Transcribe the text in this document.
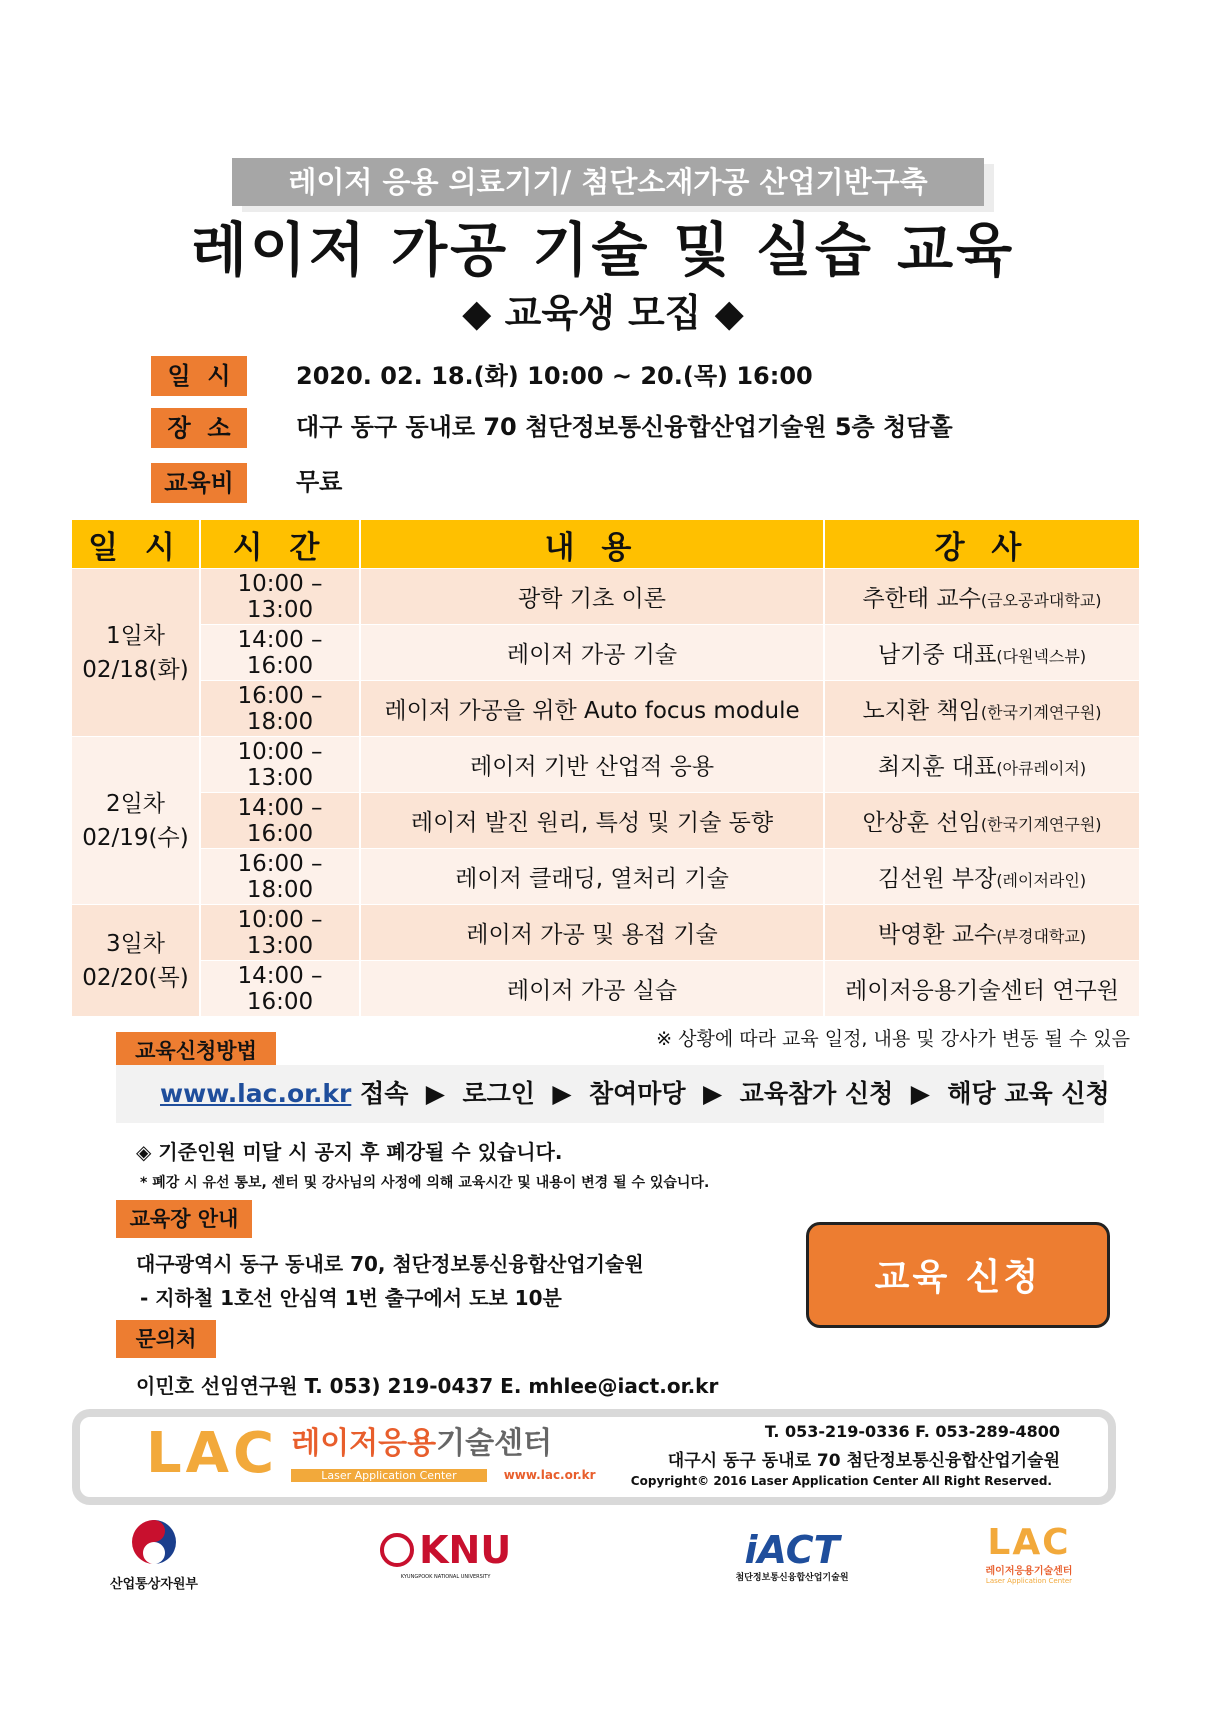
레이저 응용 의료기기/ 첨단소재가공 산업기반구축
레이저 가공 기술 및 실습 교육
◆ 교육생 모집 ◆
일  시	2020. 02. 18.(화) 10:00 ~ 20.(목) 16:00
장  소	대구 동구 동내로 70 첨단정보통신융합산업기술원 5층 청담홀
교육비	무료
일 시	시 간	내 용	강 사
1일차
02/18(화)	10:00 – 13:00	광학 기초 이론	추한태 교수(금오공과대학교)
	14:00 – 16:00	레이저 가공 기술	남기중 대표(다원넥스뷰)
	16:00 – 18:00	레이저 가공을 위한 Auto focus module	노지환 책임(한국기계연구원)
2일차
02/19(수)	10:00 – 13:00	레이저 기반 산업적 응용	최지훈 대표(아큐레이저)
	14:00 – 16:00	레이저 발진 원리, 특성 및 기술 동향	안상훈 선임(한국기계연구원)
	16:00 – 18:00	레이저 클래딩, 열처리 기술	김선원 부장(레이저라인)
3일차
02/20(목)	10:00 – 13:00	레이저 가공 및 용접 기술	박영환 교수(부경대학교)
	14:00 – 16:00	레이저 가공 실습	레이저응용기술센터 연구원
※ 상황에 따라 교육 일정, 내용 및 강사가 변동 될 수 있음
교육신청방법
www.lac.or.kr 접속 ▶ 로그인 ▶ 참여마당 ▶ 교육참가 신청 ▶ 해당 교육 신청
◈ 기준인원 미달 시 공지 후 폐강될 수 있습니다.
* 폐강 시 유선 통보, 센터 및 강사님의 사정에 의해 교육시간 및 내용이 변경 될 수 있습니다.
교육장 안내
대구광역시 동구 동내로 70, 첨단정보통신융합산업기술원
- 지하철 1호선 안심역 1번 출구에서 도보 10분
문의처
이민호 선임연구원 T. 053) 219-0437 E. mhlee@iact.or.kr
교육 신청
LAC 레이저응용기술센터
Laser Application Center	www.lac.or.kr
T. 053-219-0336 F. 053-289-4800
대구시 동구 동내로 70 첨단정보통신융합산업기술원
Copyright© 2016 Laser Application Center All Right Reserved.
산업통상자원부
KNU
KYUNGPOOK NATIONAL UNIVERSITY
iACT
첨단정보통신융합산업기술원
LAC
레이저응용기술센터
Laser Application Center
